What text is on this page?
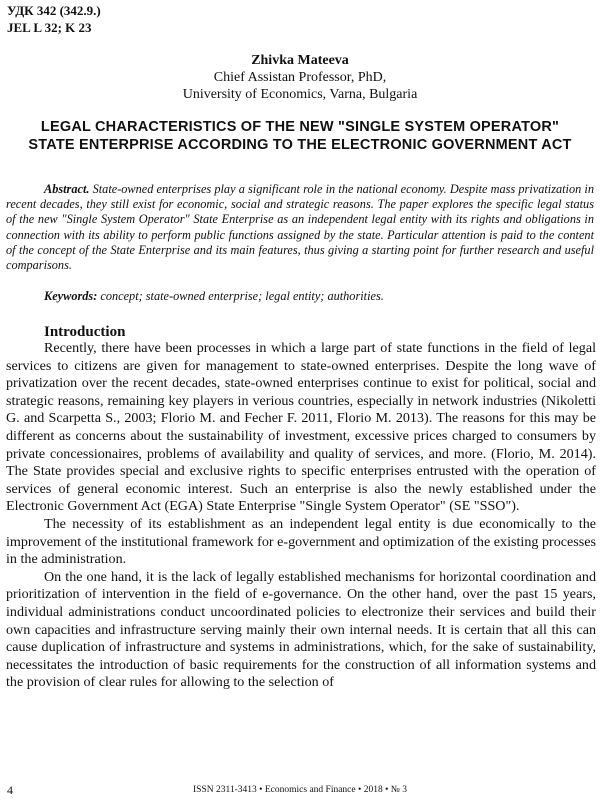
УДК 342 (342.9.)
JEL L 32; K 23
Zhivka Mateeva
Chief Assistan Professor, PhD,
University of Economics, Varna, Bulgaria
LEGAL CHARACTERISTICS OF THE NEW "SINGLE SYSTEM OPERATOR" STATE ENTERPRISE ACCORDING TO THE ELECTRONIC GOVERNMENT ACT
Abstract. State-owned enterprises play a significant role in the national economy. Despite mass privatization in recent decades, they still exist for economic, social and strategic reasons. The paper explores the specific legal status of the new "Single System Operator" State Enterprise as an independent legal entity with its rights and obligations in connection with its ability to perform public functions assigned by the state. Particular attention is paid to the content of the concept of the State Enterprise and its main features, thus giving a starting point for further research and useful comparisons.
Keywords: concept; state-owned enterprise; legal entity; authorities.
Introduction

Recently, there have been processes in which a large part of state functions in the field of legal services to citizens are given for management to state-owned enterprises. Despite the long wave of privatization over the recent decades, state-owned enterprises continue to exist for political, social and strategic reasons, remaining key players in verious countries, especially in network industries (Nikoletti G. and Scarpetta S., 2003; Florio M. and Fecher F. 2011, Florio M. 2013). The reasons for this may be different as concerns about the sustainability of investment, excessive prices charged to consumers by private concessionaires, problems of availability and quality of services, and more. (Florio, M. 2014). The State provides special and exclusive rights to specific enterprises entrusted with the operation of services of general economic interest. Such an enterprise is also the newly established under the Electronic Government Act (EGA) State Enterprise "Single System Operator" (SE "SSO").

The necessity of its establishment as an independent legal entity is due economically to the improvement of the institutional framework for e-government and optimization of the existing processes in the administration.

On the one hand, it is the lack of legally established mechanisms for horizontal coordination and prioritization of intervention in the field of e-governance. On the other hand, over the past 15 years, individual administrations conduct uncoordinated policies to electronize their services and build their own capacities and infrastructure serving mainly their own internal needs. It is certain that all this can cause duplication of infrastructure and systems in administrations, which, for the sake of sustainability, necessitates the introduction of basic requirements for the construction of all information systems and the provision of clear rules for allowing to the selection of

4	ISSN 2311-3413 • Economics and Finance • 2018 • № 3
